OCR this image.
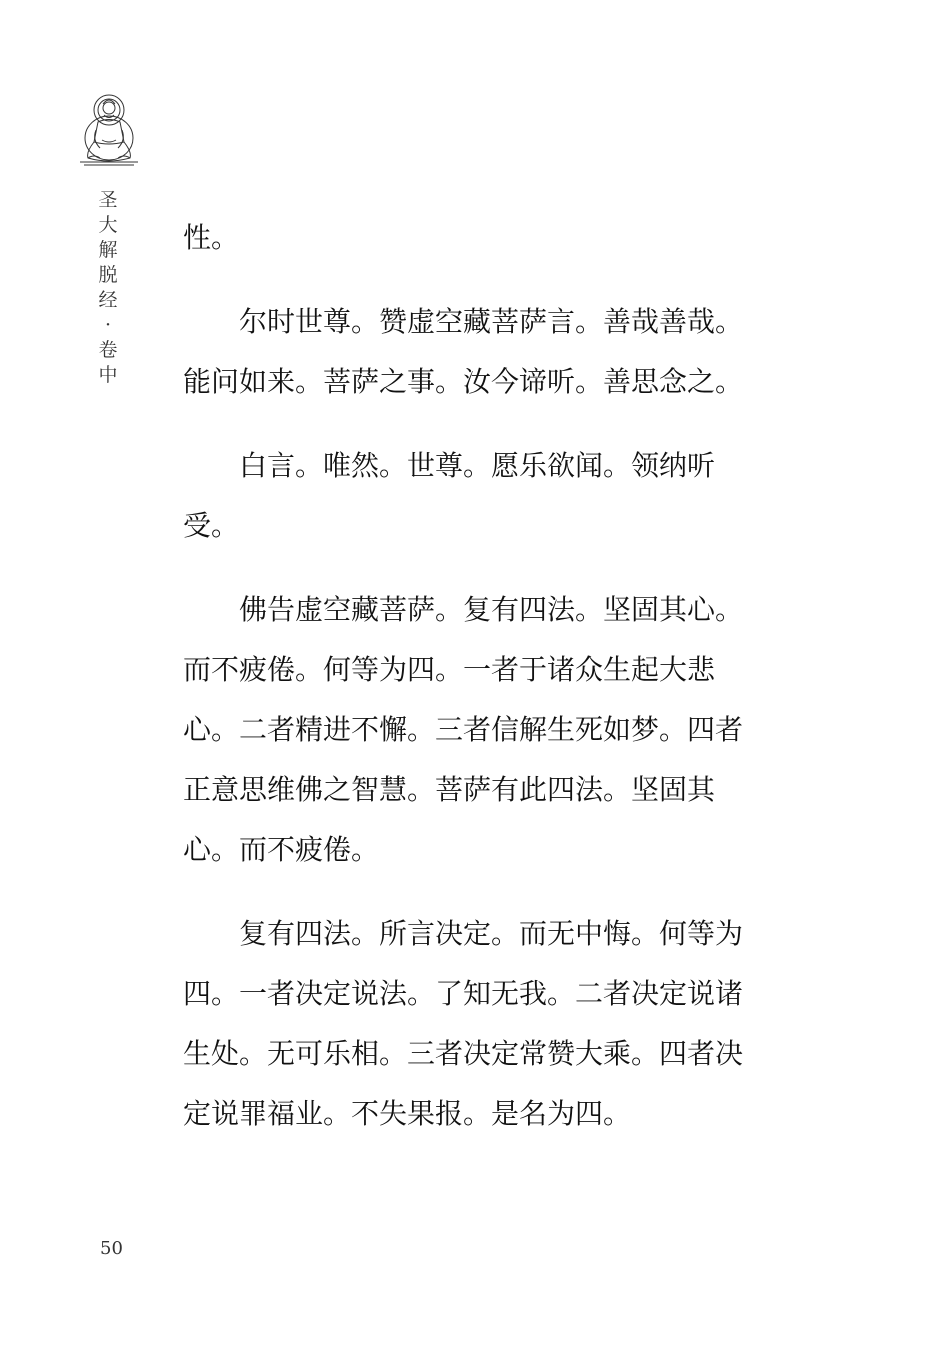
圣
大
解
脱
经
·
卷
中

性。

　　尔时世尊。赞虚空藏菩萨言。善哉善哉。
能问如来。菩萨之事。汝今谛听。善思念之。

　　白言。唯然。世尊。愿乐欲闻。领纳听
受。

　　佛告虚空藏菩萨。复有四法。坚固其心。
而不疲倦。何等为四。一者于诸众生起大悲
心。二者精进不懈。三者信解生死如梦。四者
正意思维佛之智慧。菩萨有此四法。坚固其
心。而不疲倦。

　　复有四法。所言决定。而无中悔。何等为
四。一者决定说法。了知无我。二者决定说诸
生处。无可乐相。三者决定常赞大乘。四者决
定说罪福业。不失果报。是名为四。

50
